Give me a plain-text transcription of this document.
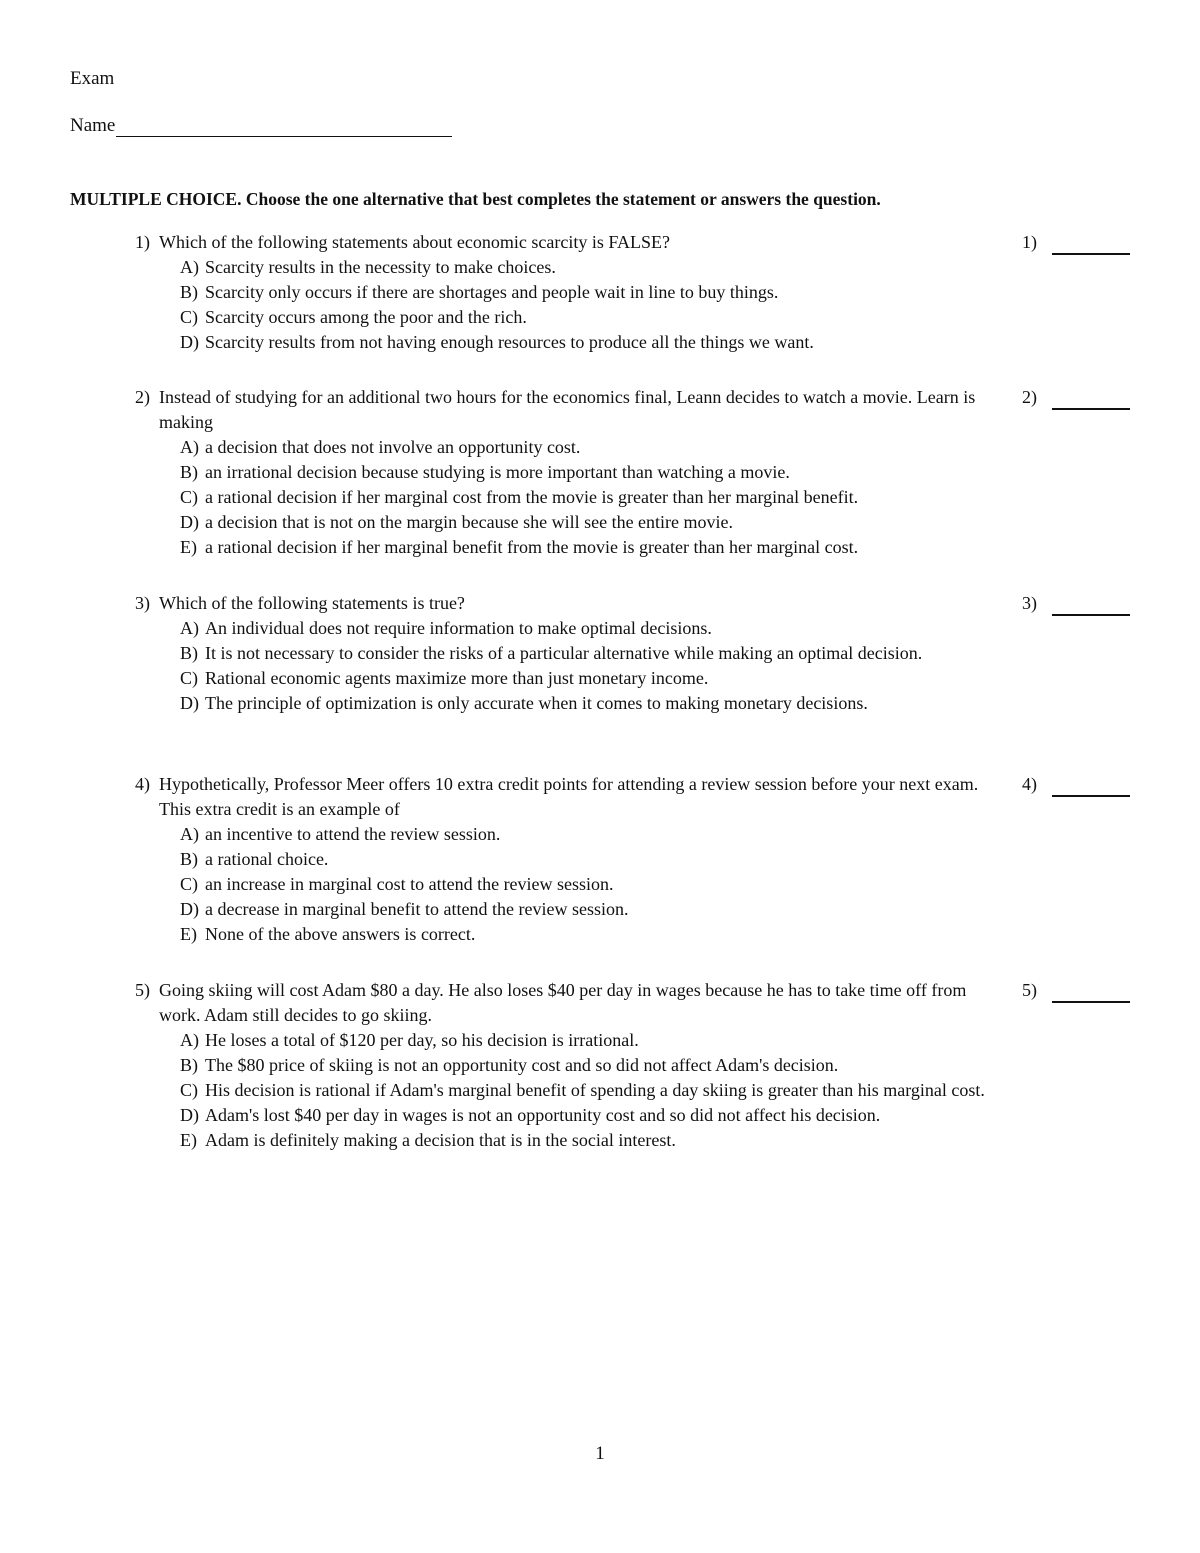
Exam
Name
MULTIPLE CHOICE. Choose the one alternative that best completes the statement or answers the question.
1) Which of the following statements about economic scarcity is FALSE?	1)
A) Scarcity results in the necessity to make choices.
B) Scarcity only occurs if there are shortages and people wait in line to buy things.
C) Scarcity occurs among the poor and the rich.
D) Scarcity results from not having enough resources to produce all the things we want.
2) Instead of studying for an additional two hours for the economics final, Leann decides to watch a movie. Learn is making
2)
A) a decision that does not involve an opportunity cost.
B) an irrational decision because studying is more important than watching a movie.
C) a rational decision if her marginal cost from the movie is greater than her marginal benefit.
D) a decision that is not on the margin because she will see the entire movie.
E) a rational decision if her marginal benefit from the movie is greater than her marginal cost.
3) Which of the following statements is true?	3)
A) An individual does not require information to make optimal decisions.
B) It is not necessary to consider the risks of a particular alternative while making an optimal decision.
C) Rational economic agents maximize more than just monetary income.
D) The principle of optimization is only accurate when it comes to making monetary decisions.
4) Hypothetically, Professor Meer offers 10 extra credit points for attending a review session before your next exam. This extra credit is an example of
4)
A) an incentive to attend the review session.
B) a rational choice.
C) an increase in marginal cost to attend the review session.
D) a decrease in marginal benefit to attend the review session.
E) None of the above answers is correct.
5) Going skiing will cost Adam $80 a day. He also loses $40 per day in wages because he has to take time off from work. Adam still decides to go skiing.
5)
A) He loses a total of $120 per day, so his decision is irrational.
B) The $80 price of skiing is not an opportunity cost and so did not affect Adam's decision.
C) His decision is rational if Adam's marginal benefit of spending a day skiing is greater than his marginal cost.
D) Adam's lost $40 per day in wages is not an opportunity cost and so did not affect his decision.
E) Adam is definitely making a decision that is in the social interest.
1
